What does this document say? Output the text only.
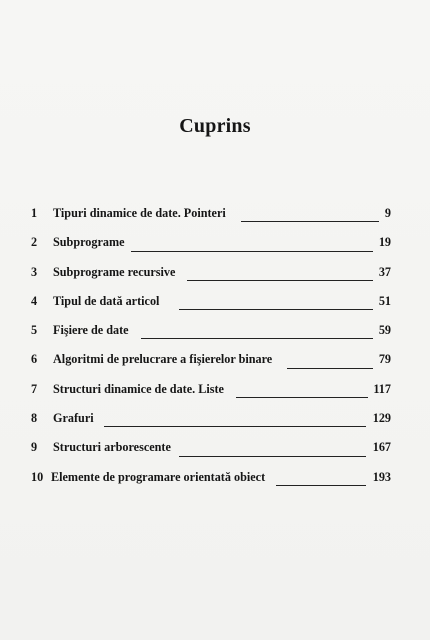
Cuprins
1 Tipuri dinamice de date. Pointeri	9
2 Subprograme	19
3 Subprograme recursive	37
4 Tipul de dată articol	51
5 Fişiere de date	59
6 Algoritmi de prelucrare a fişierelor binare	79
7 Structuri dinamice de date. Liste	117
8 Grafuri	129
9 Structuri arborescente	167
10 Elemente de programare orientată obiect	193
